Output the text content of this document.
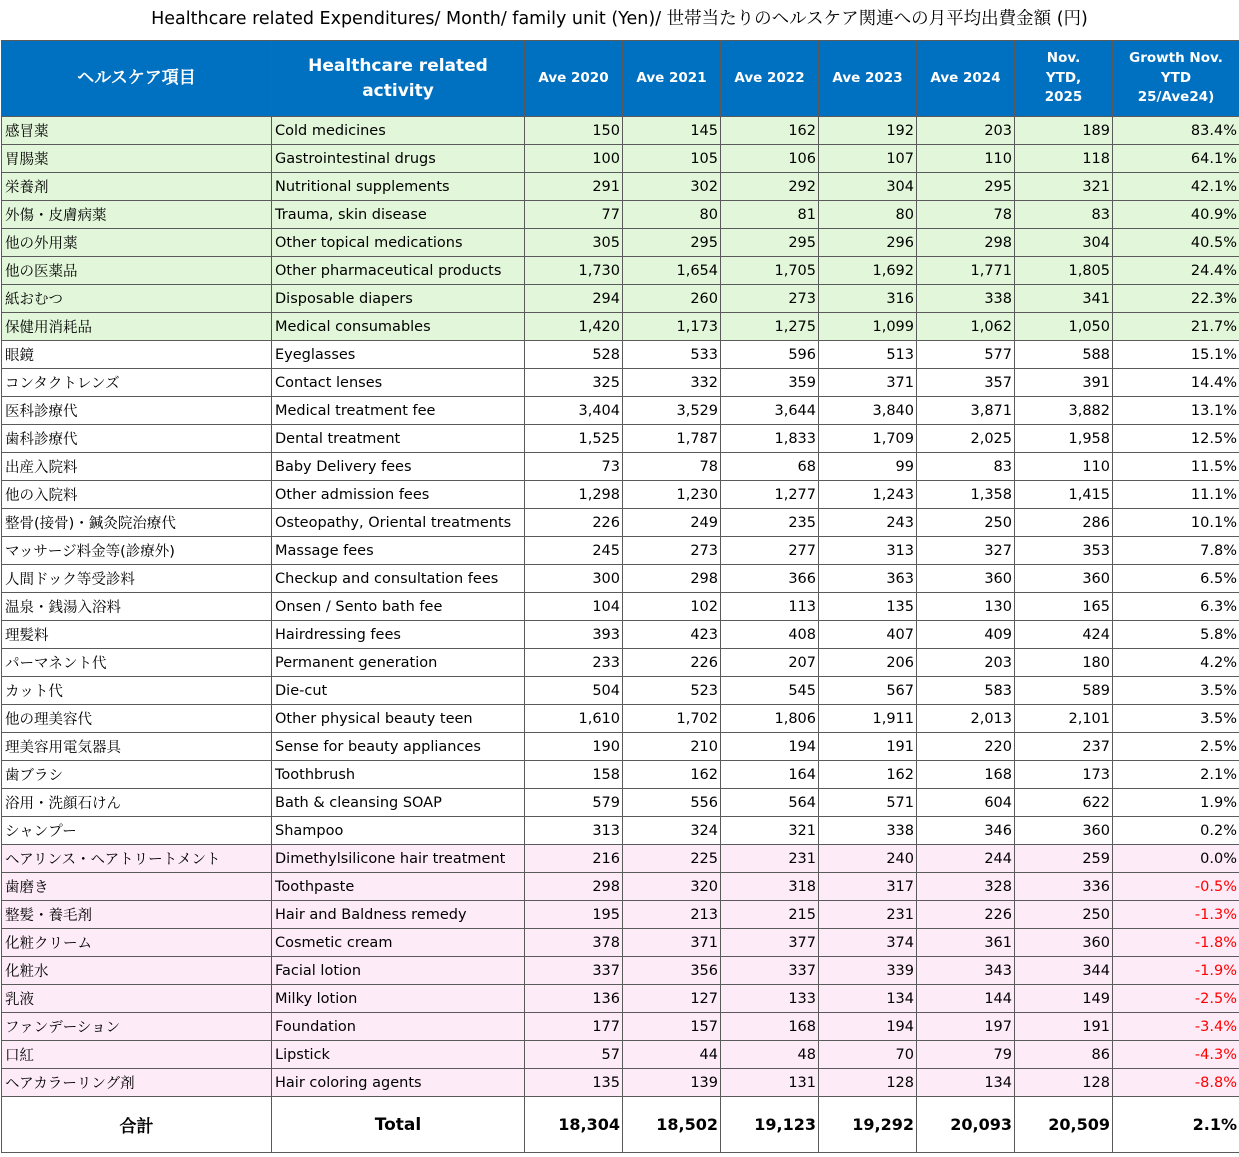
Healthcare related Expenditures/ Month/ family unit (Yen)/ 世帯当たりのヘルスケア関連への月平均出費金額 (円)
ヘルスケア項目	Healthcare related activity	Ave 2020	Ave 2021	Ave 2022	Ave 2023	Ave 2024	Nov. YTD, 2025	Growth Nov. YTD 25/Ave24)
感冒薬	Cold medicines	150	145	162	192	203	189	83.4%
胃腸薬	Gastrointestinal drugs	100	105	106	107	110	118	64.1%
栄養剤	Nutritional supplements	291	302	292	304	295	321	42.1%
外傷・皮膚病薬	Trauma, skin disease	77	80	81	80	78	83	40.9%
他の外用薬	Other topical medications	305	295	295	296	298	304	40.5%
他の医薬品	Other pharmaceutical products	1,730	1,654	1,705	1,692	1,771	1,805	24.4%
紙おむつ	Disposable diapers	294	260	273	316	338	341	22.3%
保健用消耗品	Medical consumables	1,420	1,173	1,275	1,099	1,062	1,050	21.7%
眼鏡	Eyeglasses	528	533	596	513	577	588	15.1%
コンタクトレンズ	Contact lenses	325	332	359	371	357	391	14.4%
医科診療代	Medical treatment fee	3,404	3,529	3,644	3,840	3,871	3,882	13.1%
歯科診療代	Dental treatment	1,525	1,787	1,833	1,709	2,025	1,958	12.5%
出産入院料	Baby Delivery fees	73	78	68	99	83	110	11.5%
他の入院料	Other admission fees	1,298	1,230	1,277	1,243	1,358	1,415	11.1%
整骨(接骨)・鍼灸院治療代	Osteopathy, Oriental treatments	226	249	235	243	250	286	10.1%
マッサージ料金等(診療外)	Massage fees	245	273	277	313	327	353	7.8%
人間ドック等受診料	Checkup and consultation fees	300	298	366	363	360	360	6.5%
温泉・銭湯入浴料	Onsen / Sento bath fee	104	102	113	135	130	165	6.3%
理髪料	Hairdressing fees	393	423	408	407	409	424	5.8%
パーマネント代	Permanent generation	233	226	207	206	203	180	4.2%
カット代	Die-cut	504	523	545	567	583	589	3.5%
他の理美容代	Other physical beauty teen	1,610	1,702	1,806	1,911	2,013	2,101	3.5%
理美容用電気器具	Sense for beauty appliances	190	210	194	191	220	237	2.5%
歯ブラシ	Toothbrush	158	162	164	162	168	173	2.1%
浴用・洗顔石けん	Bath & cleansing SOAP	579	556	564	571	604	622	1.9%
シャンプー	Shampoo	313	324	321	338	346	360	0.2%
ヘアリンス・ヘアトリートメント	Dimethylsilicone hair treatment	216	225	231	240	244	259	0.0%
歯磨き	Toothpaste	298	320	318	317	328	336	-0.5%
整髪・養毛剤	Hair and Baldness remedy	195	213	215	231	226	250	-1.3%
化粧クリーム	Cosmetic cream	378	371	377	374	361	360	-1.8%
化粧水	Facial lotion	337	356	337	339	343	344	-1.9%
乳液	Milky lotion	136	127	133	134	144	149	-2.5%
ファンデーション	Foundation	177	157	168	194	197	191	-3.4%
口紅	Lipstick	57	44	48	70	79	86	-4.3%
ヘアカラーリング剤	Hair coloring agents	135	139	131	128	134	128	-8.8%
合計	Total	18,304	18,502	19,123	19,292	20,093	20,509	2.1%
